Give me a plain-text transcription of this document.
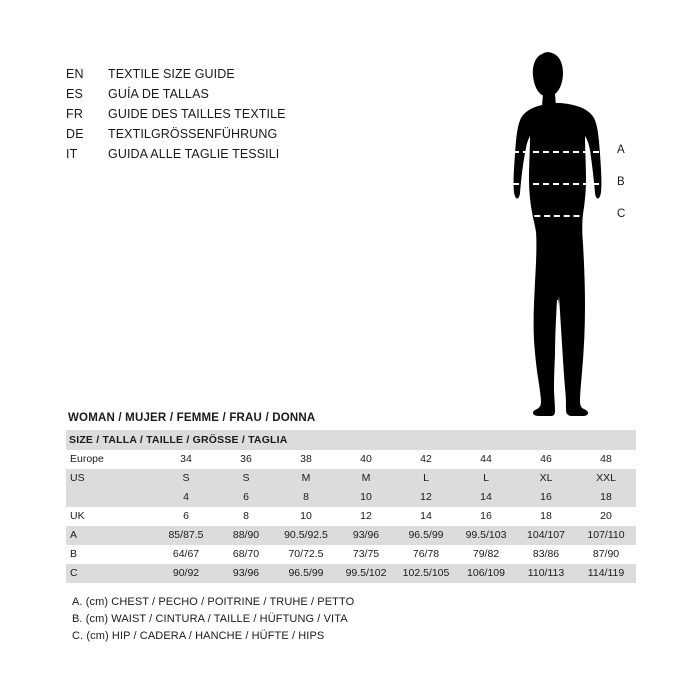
EN	TEXTILE SIZE GUIDE
ES	GUÍA DE TALLAS
FR	GUIDE DES TAILLES TEXTILE
DE	TEXTILGRÖSSENFÜHRUNG
IT	GUIDA ALLE TAGLIE TESSILI	A
B
C
WOMAN / MUJER / FEMME / FRAU / DONNA
SIZE / TALLA / TAILLE / GRÖSSE / TAGLIA
Europe	34	36	38	40	42	44	46	48
US	S	S	M	M	L	L	XL	XXL
	4	6	8	10	12	14	16	18
UK	6	8	10	12	14	16	18	20
A	85/87.5	88/90	90.5/92.5	93/96	96.5/99	99.5/103	104/107	107/110
B	64/67	68/70	70/72.5	73/75	76/78	79/82	83/86	87/90
C	90/92	93/96	96.5/99	99.5/102	102.5/105	106/109	110/113	114/119
A. (cm) CHEST / PECHO / POITRINE / TRUHE / PETTO
B. (cm) WAIST / CINTURA / TAILLE / HÜFTUNG / VITA
C. (cm) HIP / CADERA / HANCHE / HÜFTE / HIPS
